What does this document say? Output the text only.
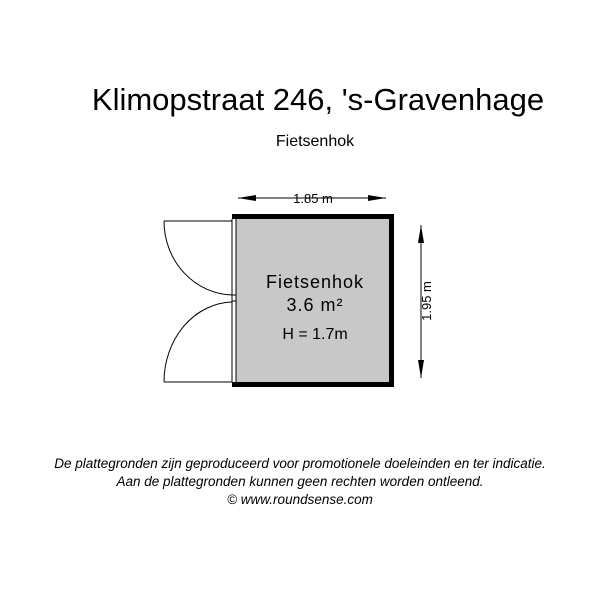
Klimopstraat 246, 's-Gravenhage
Fietsenhok
1.85 m
1.95 m
Fietsenhok
3.6 m²
H = 1.7m
De plattegronden zijn geproduceerd voor promotionele doeleinden en ter indicatie.
Aan de plattegronden kunnen geen rechten worden ontleend.
© www.roundsense.com
